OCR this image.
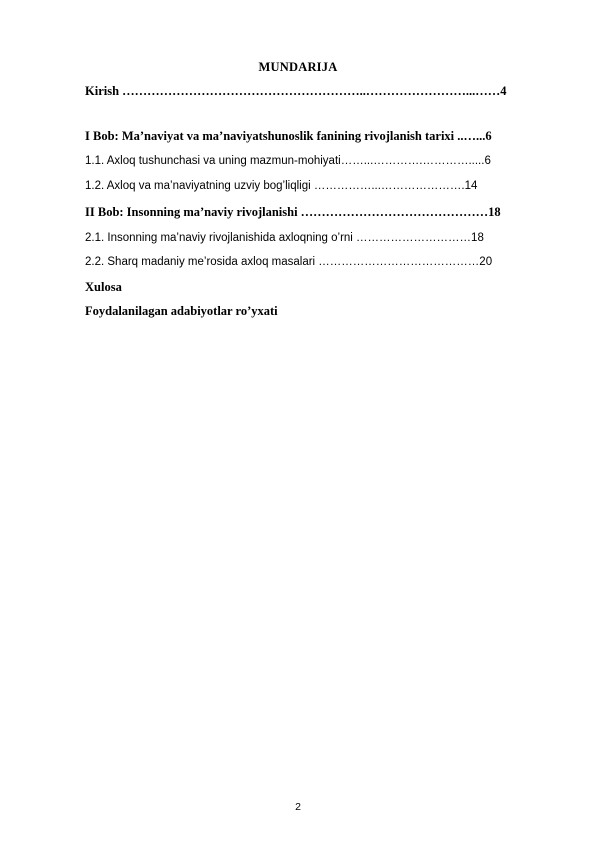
MUNDARIJA
Kirish …………………………………………………..……………………...……4
I Bob: Ma’naviyat va ma’naviyatshunoslik fanining rivojlanish tarixi ..…...6
1.1. Axloq tushunchasi va uning mazmun-mohiyati……...………….………….....6
1.2. Axloq va ma’naviyatning uzviy bog’liqligi ……………...………………….14
II Bob: Insonning ma’naviy rivojlanishi ………………………………………18
2.1. Insonning ma’naviy rivojlanishida axloqning o’rni …………………………18
2.2. Sharq madaniy me’rosida axloq masalari ……………………………………20
Xulosa
Foydalanilagan adabiyotlar ro’yxati
2
